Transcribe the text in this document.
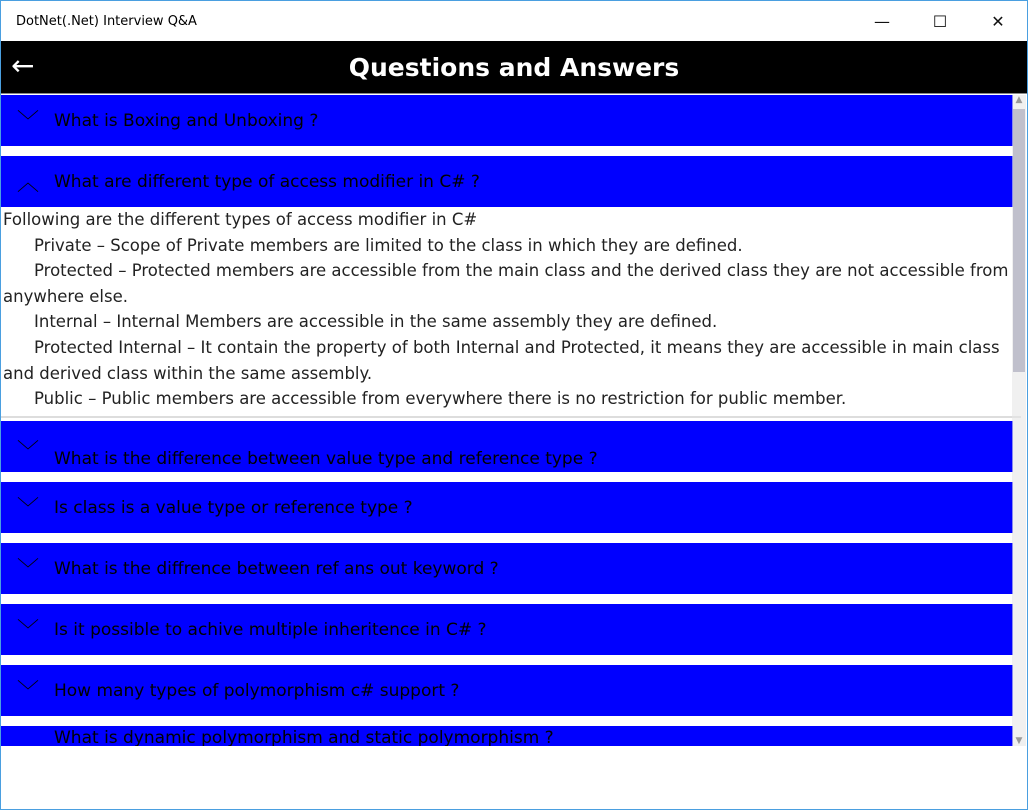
DotNet(.Net) Interview Q&A	—	☐	✕
←	Questions and Answers
﹀ What is Boxing and Unboxing ?
︿ What are different type of access modifier in C# ?
Following are the different types of access modifier in C#
Private – Scope of Private members are limited to the class in which they are defined.
Protected – Protected members are accessible from the main class and the derived class they are not accessible from
anywhere else.
Internal – Internal Members are accessible in the same assembly they are defined.
Protected Internal – It contain the property of both Internal and Protected, it means they are accessible in main class
and derived class within the same assembly.
Public – Public members are accessible from everywhere there is no restriction for public member.
﹀ What is the difference between value type and reference type ?
﹀ Is class is a value type or reference type ?
﹀ What is the diffrence between ref ans out keyword ?
﹀ Is it possible to achive multiple inheritence in C# ?
﹀ How many types of polymorphism c# support ?
What is dynamic polymorphism and static polymorphism ?
▲
▼
